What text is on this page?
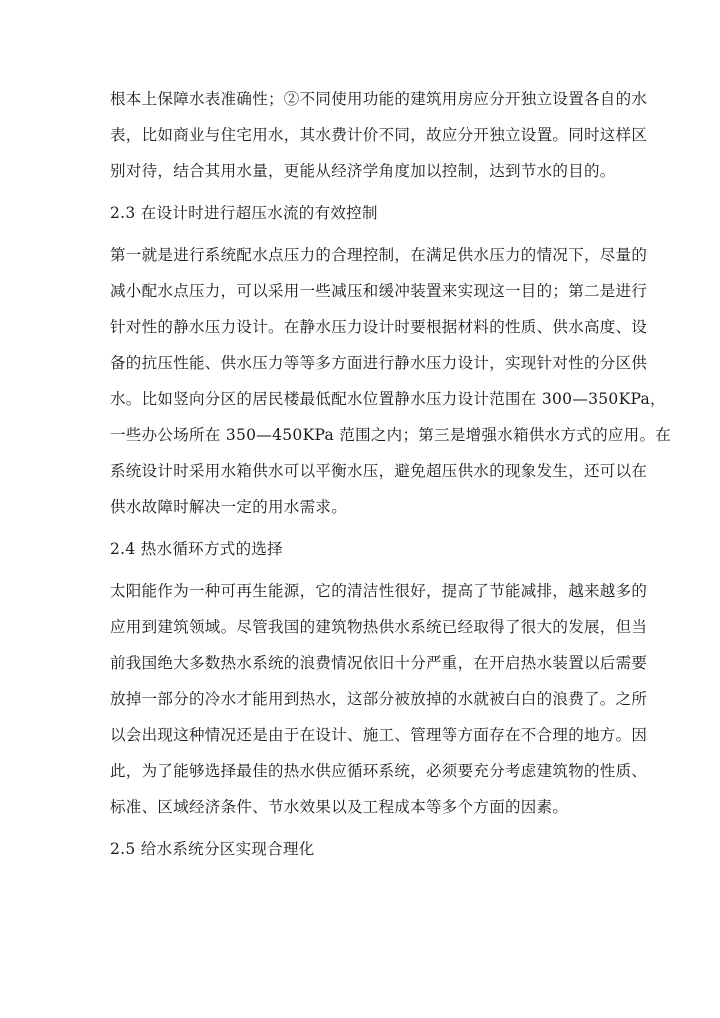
根本上保障水表准确性；②不同使用功能的建筑用房应分开独立设置各自的水
表，比如商业与住宅用水，其水费计价不同，故应分开独立设置。同时这样区
别对待，结合其用水量，更能从经济学角度加以控制，达到节水的目的。
2.3 在设计时进行超压水流的有效控制
第一就是进行系统配水点压力的合理控制，在满足供水压力的情况下，尽量的
减小配水点压力，可以采用一些减压和缓冲装置来实现这一目的；第二是进行
针对性的静水压力设计。在静水压力设计时要根据材料的性质、供水高度、设
备的抗压性能、供水压力等等多方面进行静水压力设计，实现针对性的分区供
水。比如竖向分区的居民楼最低配水位置静水压力设计范围在 300—350KPa，
一些办公场所在 350—450KPa 范围之内；第三是增强水箱供水方式的应用。在
系统设计时采用水箱供水可以平衡水压，避免超压供水的现象发生，还可以在
供水故障时解决一定的用水需求。
2.4 热水循环方式的选择
太阳能作为一种可再生能源，它的清洁性很好，提高了节能减排，越来越多的
应用到建筑领域。尽管我国的建筑物热供水系统已经取得了很大的发展，但当
前我国绝大多数热水系统的浪费情况依旧十分严重，在开启热水装置以后需要
放掉一部分的冷水才能用到热水，这部分被放掉的水就被白白的浪费了。之所
以会出现这种情况还是由于在设计、施工、管理等方面存在不合理的地方。因
此，为了能够选择最佳的热水供应循环系统，必须要充分考虑建筑物的性质、
标准、区域经济条件、节水效果以及工程成本等多个方面的因素。
2.5 给水系统分区实现合理化
